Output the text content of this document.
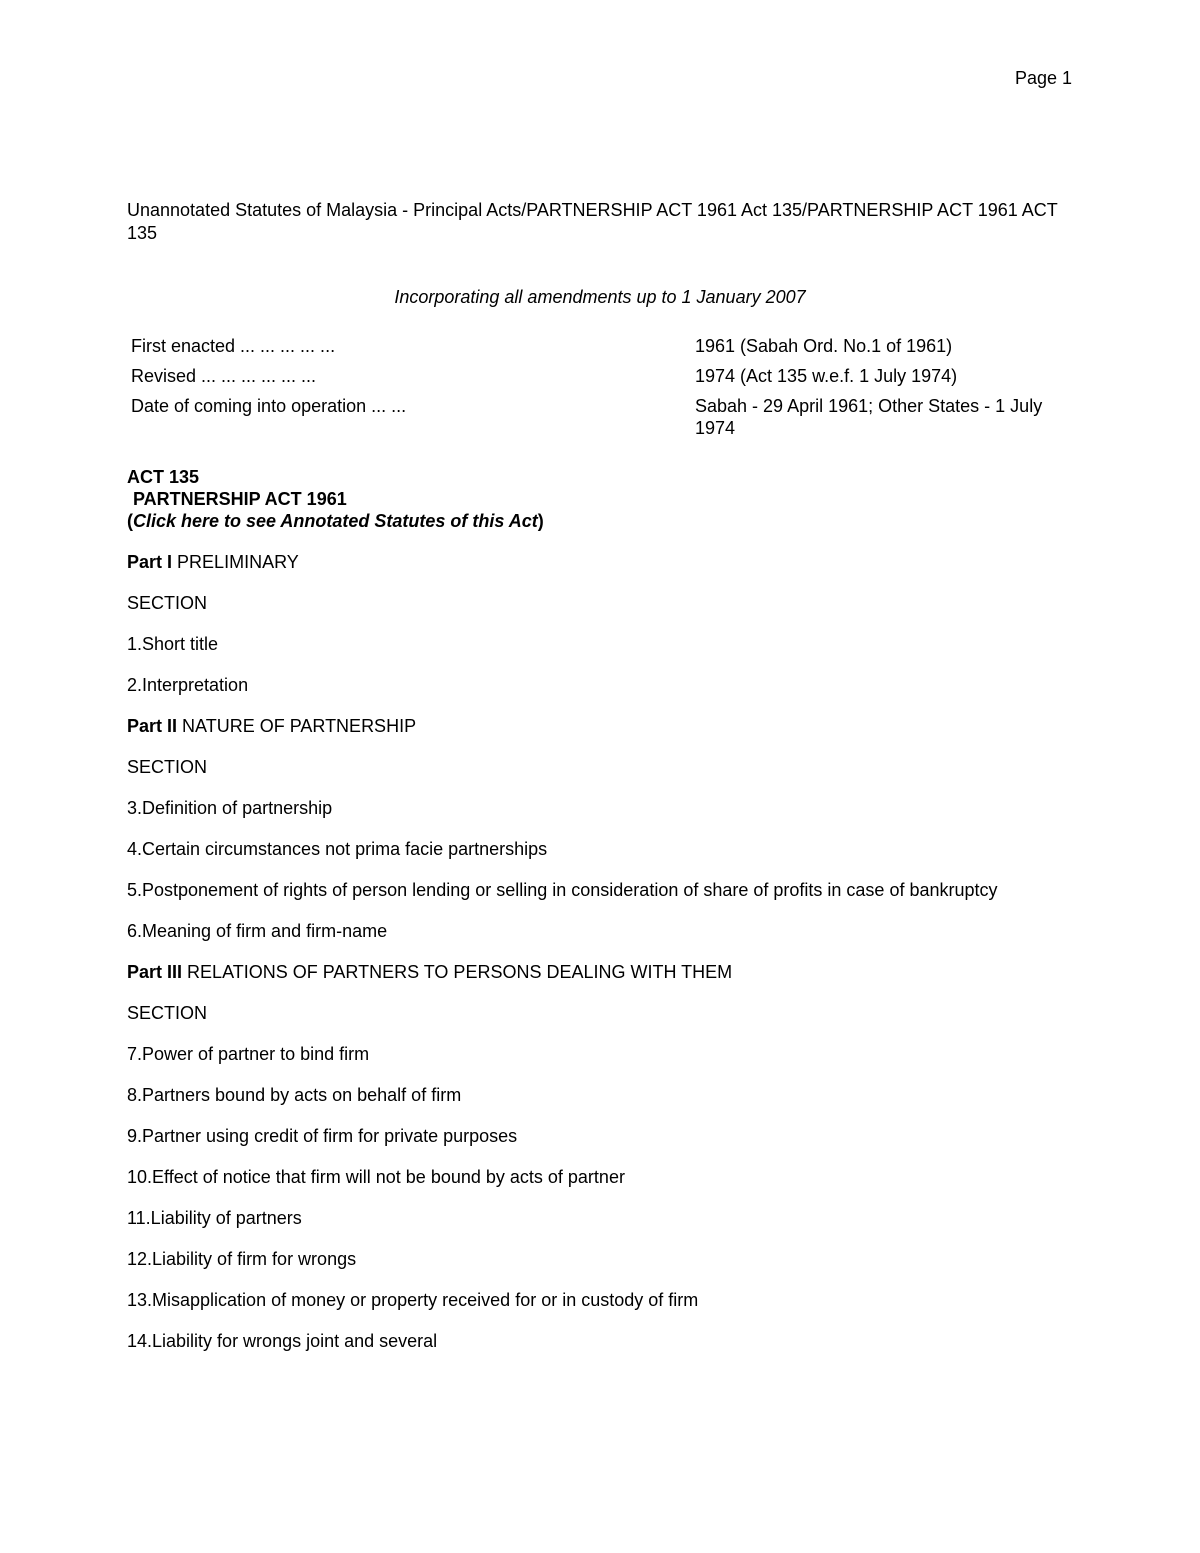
Page 1
Unannotated Statutes of Malaysia - Principal Acts/PARTNERSHIP ACT 1961 Act 135/PARTNERSHIP ACT 1961 ACT 135
Incorporating all amendments up to 1 January 2007
First enacted ... ... ... ... ...	1961 (Sabah Ord. No.1 of 1961)
Revised ... ... ... ... ... ...	1974 (Act 135 w.e.f. 1 July 1974)
Date of coming into operation ... ...	Sabah - 29 April 1961; Other States - 1 July 1974
ACT 135
PARTNERSHIP ACT 1961
(Click here to see Annotated Statutes of this Act)
Part I PRELIMINARY
SECTION
1.Short title
2.Interpretation
Part II NATURE OF PARTNERSHIP
SECTION
3.Definition of partnership
4.Certain circumstances not prima facie partnerships
5.Postponement of rights of person lending or selling in consideration of share of profits in case of bankruptcy
6.Meaning of firm and firm-name
Part III RELATIONS OF PARTNERS TO PERSONS DEALING WITH THEM
SECTION
7.Power of partner to bind firm
8.Partners bound by acts on behalf of firm
9.Partner using credit of firm for private purposes
10.Effect of notice that firm will not be bound by acts of partner
11.Liability of partners
12.Liability of firm for wrongs
13.Misapplication of money or property received for or in custody of firm
14.Liability for wrongs joint and several
